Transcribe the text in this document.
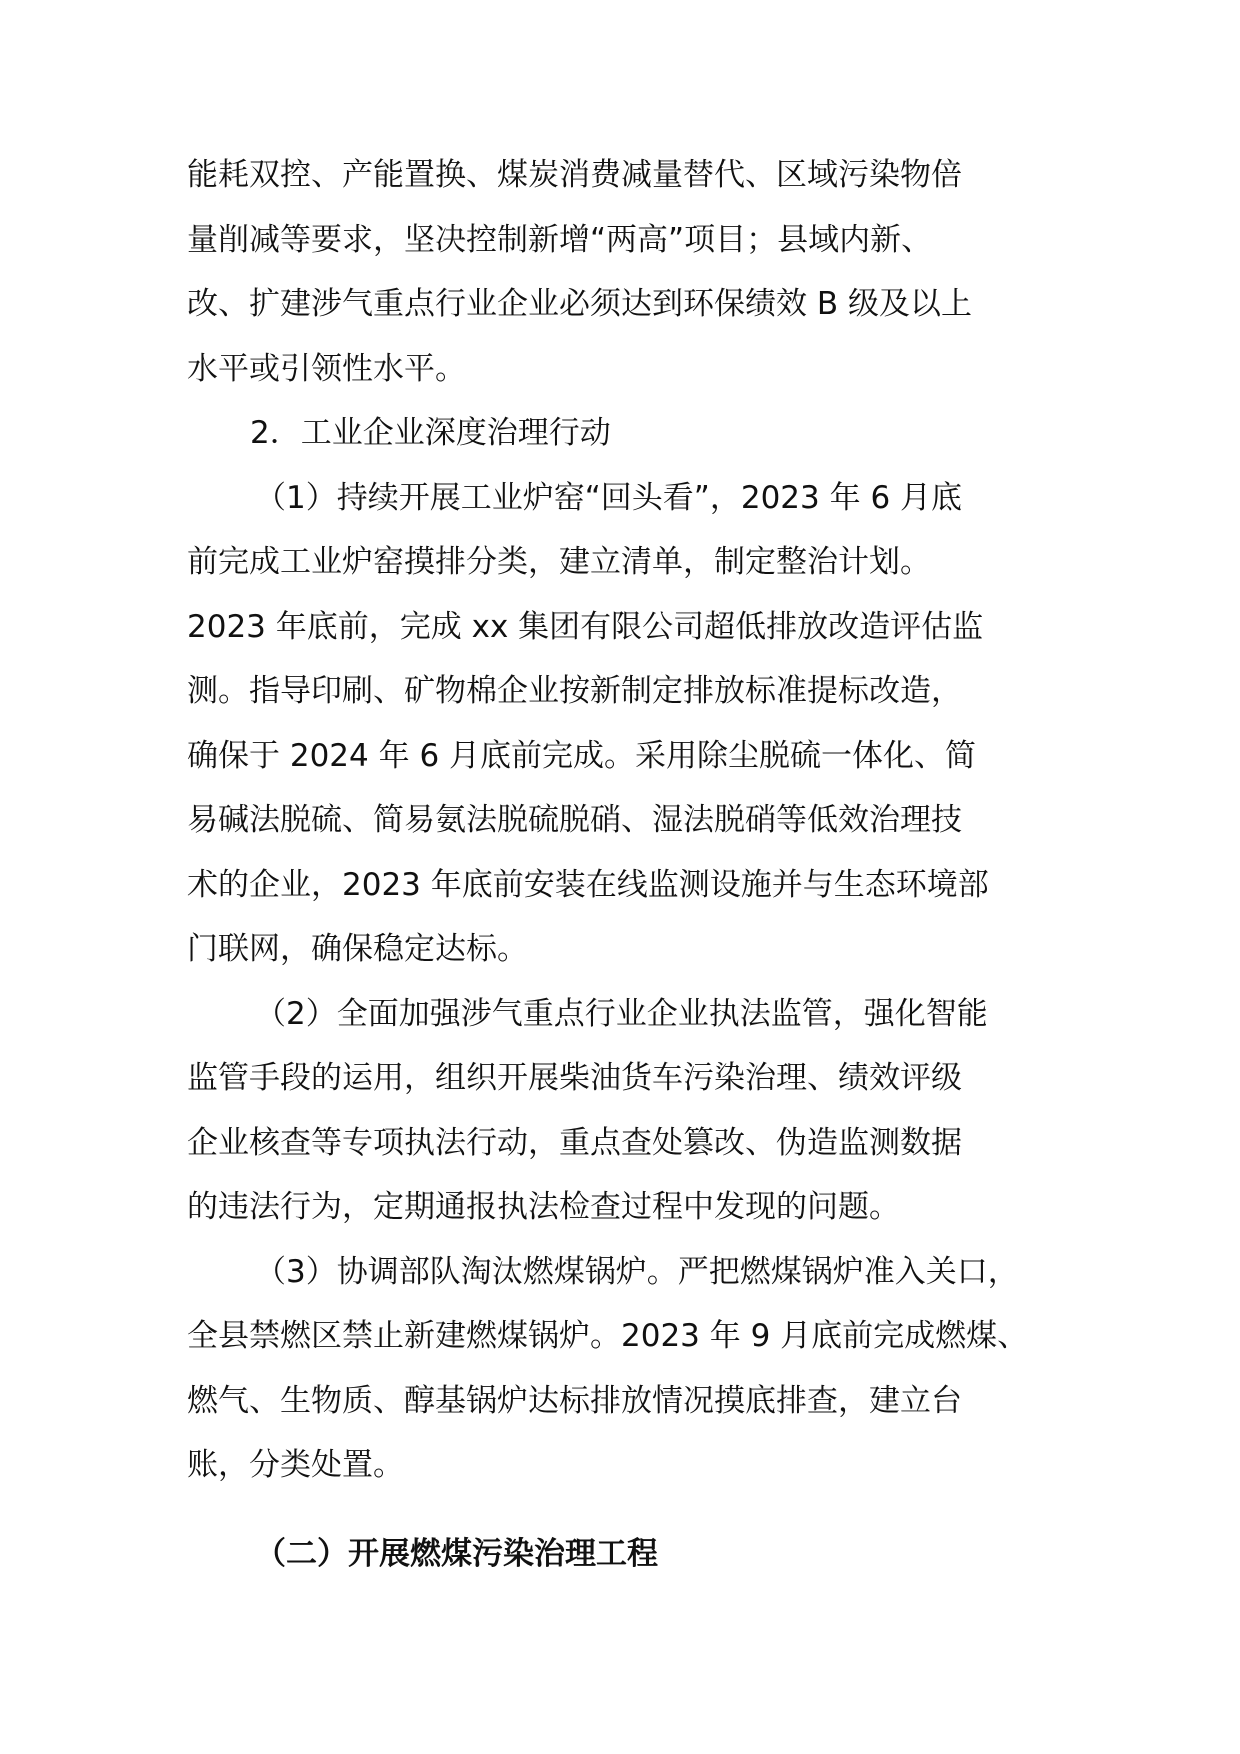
能耗双控、产能置换、煤炭消费减量替代、区域污染物倍
量削减等要求，坚决控制新增“两高”项目；县域内新、
改、扩建涉气重点行业企业必须达到环保绩效 B 级及以上
水平或引领性水平。
2．工业企业深度治理行动
（1）持续开展工业炉窑“回头看”，2023 年 6 月底
前完成工业炉窑摸排分类，建立清单，制定整治计划。
2023 年底前，完成 xx 集团有限公司超低排放改造评估监
测。指导印刷、矿物棉企业按新制定排放标准提标改造，
确保于 2024 年 6 月底前完成。采用除尘脱硫一体化、简
易碱法脱硫、简易氨法脱硫脱硝、湿法脱硝等低效治理技
术的企业，2023 年底前安装在线监测设施并与生态环境部
门联网，确保稳定达标。
（2）全面加强涉气重点行业企业执法监管，强化智能
监管手段的运用，组织开展柴油货车污染治理、绩效评级
企业核查等专项执法行动，重点查处篡改、伪造监测数据
的违法行为，定期通报执法检查过程中发现的问题。
（3）协调部队淘汰燃煤锅炉。严把燃煤锅炉准入关口，
全县禁燃区禁止新建燃煤锅炉。2023 年 9 月底前完成燃煤、
燃气、生物质、醇基锅炉达标排放情况摸底排查，建立台
账，分类处置。
（二）开展燃煤污染治理工程
